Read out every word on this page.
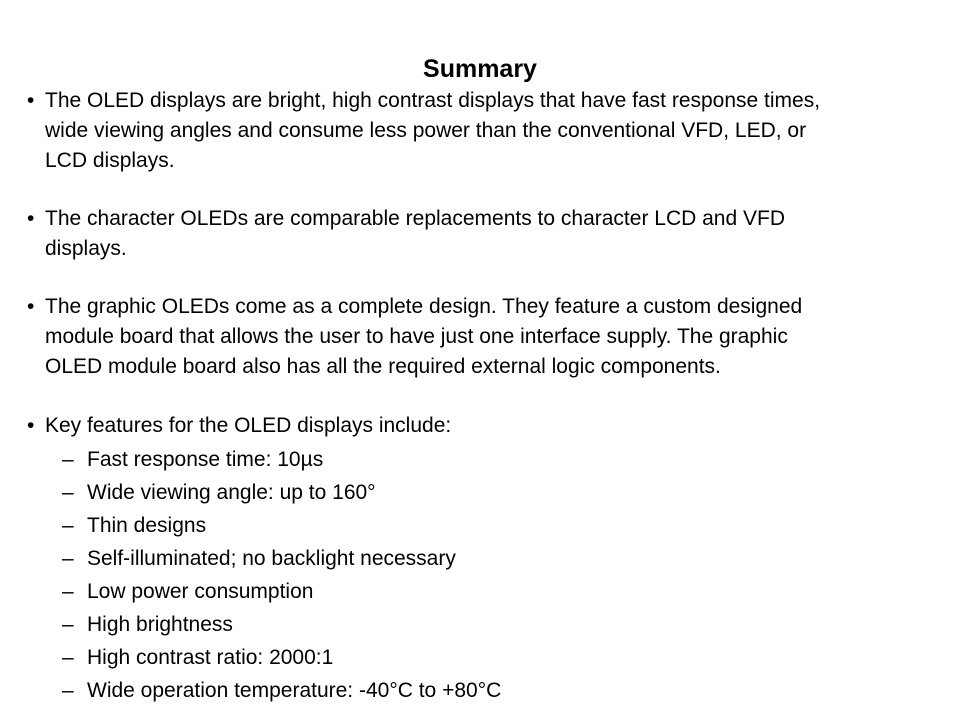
Summary
• The OLED displays are bright, high contrast displays that have fast response times,
wide viewing angles and consume less power than the conventional VFD, LED, or
LCD displays.
• The character OLEDs are comparable replacements to character LCD and VFD
displays.
• The graphic OLEDs come as a complete design. They feature a custom designed
module board that allows the user to have just one interface supply. The graphic
OLED module board also has all the required external logic components.
• Key features for the OLED displays include:
– Fast response time: 10µs
– Wide viewing angle: up to 160°
– Thin designs
– Self-illuminated; no backlight necessary
– Low power consumption
– High brightness
– High contrast ratio: 2000:1
– Wide operation temperature: -40°C to +80°C
